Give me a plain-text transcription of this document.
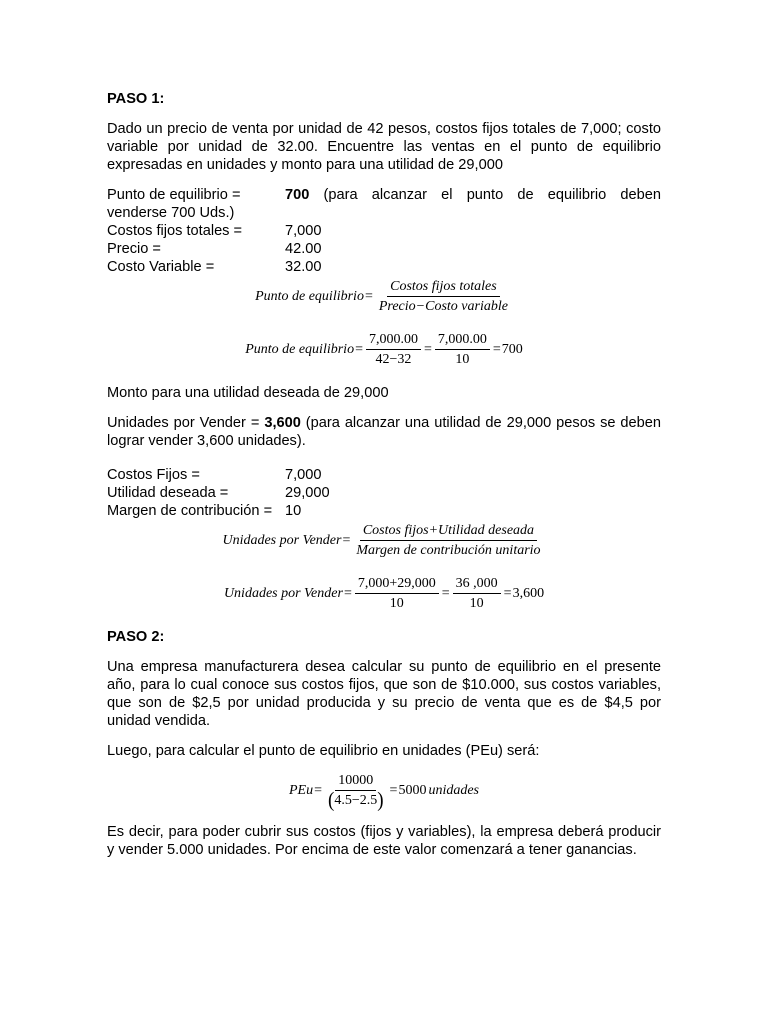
PASO 1:

Dado un precio de venta por unidad de 42 pesos, costos fijos totales de 7,000; costo variable por unidad de 32.00. Encuentre las ventas en el punto de equilibrio expresadas en unidades y monto para una utilidad de 29,000

Punto de equilibrio =	700 (para alcanzar el punto de equilibrio deben
venderse 700 Uds.)
Costos fijos totales =	7,000
Precio =	42.00
Costo Variable =	32.00
Punto de equilibrio = $\frac{\text{Costos fijos totales}}{\text{Precio−Costo variable}}$
Punto de equilibrio = $\frac{7,000.00}{42-32} = \frac{7,000.00}{10} = 700$

Monto para una utilidad deseada de 29,000

Unidades por Vender = 3,600 (para alcanzar una utilidad de 29,000 pesos se deben lograr vender 3,600 unidades).

Costos Fijos =	7,000
Utilidad deseada =	29,000
Margen de contribución = 10
Unidades por Vender = $\frac{\text{Costos fijos+Utilidad deseada}}{\text{Margen de contribución unitario}}$
Unidades por Vender = $\frac{7,000+29,000}{10} = \frac{36 ,000}{10} = 3,600$

PASO 2:

Una empresa manufacturera desea calcular su punto de equilibrio en el presente año, para lo cual conoce sus costos fijos, que son de $10.000, sus costos variables, que son de $2,5 por unidad producida y su precio de venta que es de $4,5 por unidad vendida.

Luego, para calcular el punto de equilibrio en unidades (PEu) será:

PEu = $\frac{10000}{( 4.5-2.5 )} = 5000$ unidades

Es decir, para poder cubrir sus costos (fijos y variables), la empresa deberá producir y vender 5.000 unidades. Por encima de este valor comenzará a tener ganancias.
